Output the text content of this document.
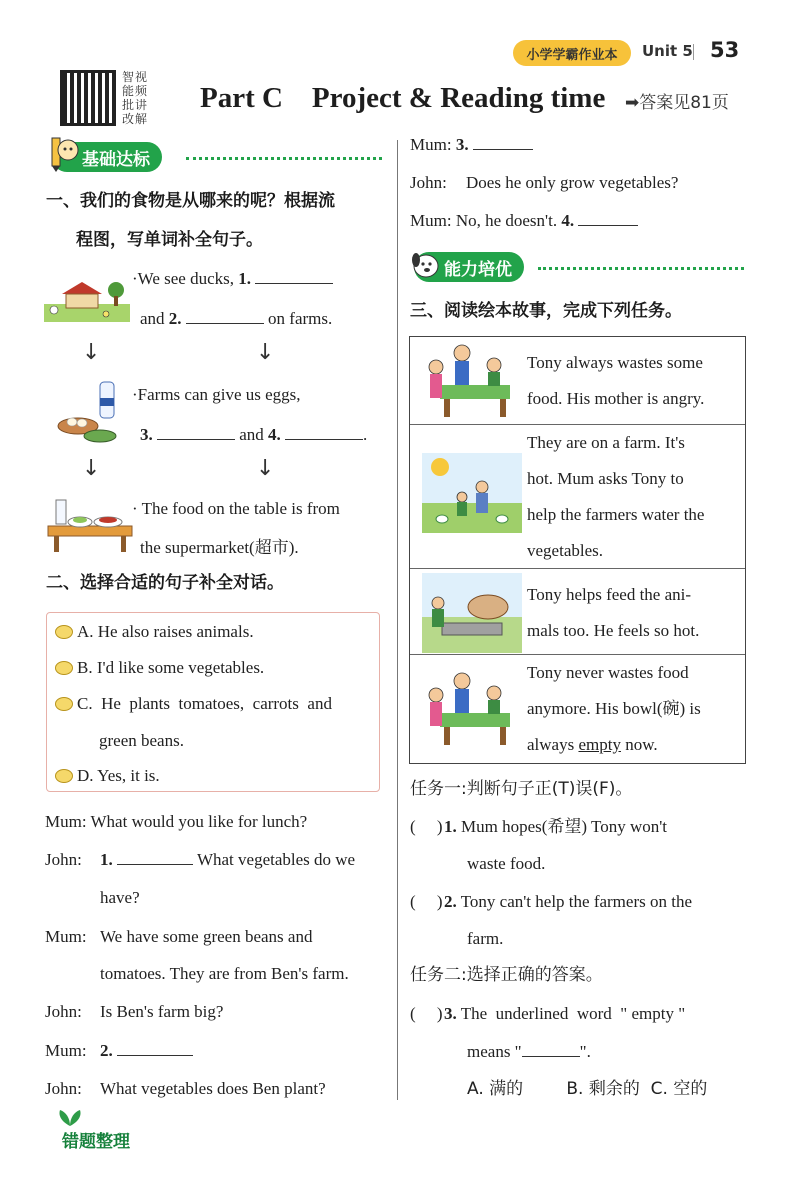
小学学霸作业本	Unit 5 53
智视能频批讲改解
Part C    Project & Reading time ➡答案见81页
基础达标
一、我们的食物是从哪来的呢？根据流
程图，写单词补全句子。
·We see ducks, 1.
and 2.	on farms.
↓	↓
·Farms can give us eggs,
3.	and 4.	.
↓	↓
· The food on the table is from
the supermarket(超市).
二、选择合适的句子补全对话。
A. He also raises animals.
B. I'd like some vegetables.
C.  He  plants  tomatoes,  carrots  and
green beans.
D. Yes, it is.
Mum: What would you like for lunch?
John: 1.	What vegetables do we
have?
Mum: We have some green beans and
tomatoes. They are from Ben's farm.
John: Is Ben's farm big?
Mum: 2.
John: What vegetables does Ben plant?
Mum: 3.
John: Does he only grow vegetables?
Mum: No, he doesn't. 4.
能力培优
三、阅读绘本故事，完成下列任务。
Tony always wastes some
food. His mother is angry.
They are on a farm. It's
hot. Mum asks Tony to
help the farmers water the
vegetables.
Tony helps feed the ani-
mals too. He feels so hot.
Tony never wastes food
anymore. His bowl(碗) is
always empty now.
任务一:判断句子正(T)误(F)。
(     ) 1. Mum hopes(希望) Tony won't
waste food.
(     ) 2. Tony can't help the farmers on the
farm.
任务二:选择正确的答案。
(     ) 3. The  underlined  word  " empty "
means "	".
A. 满的        B. 剩余的  C. 空的
错题整理
